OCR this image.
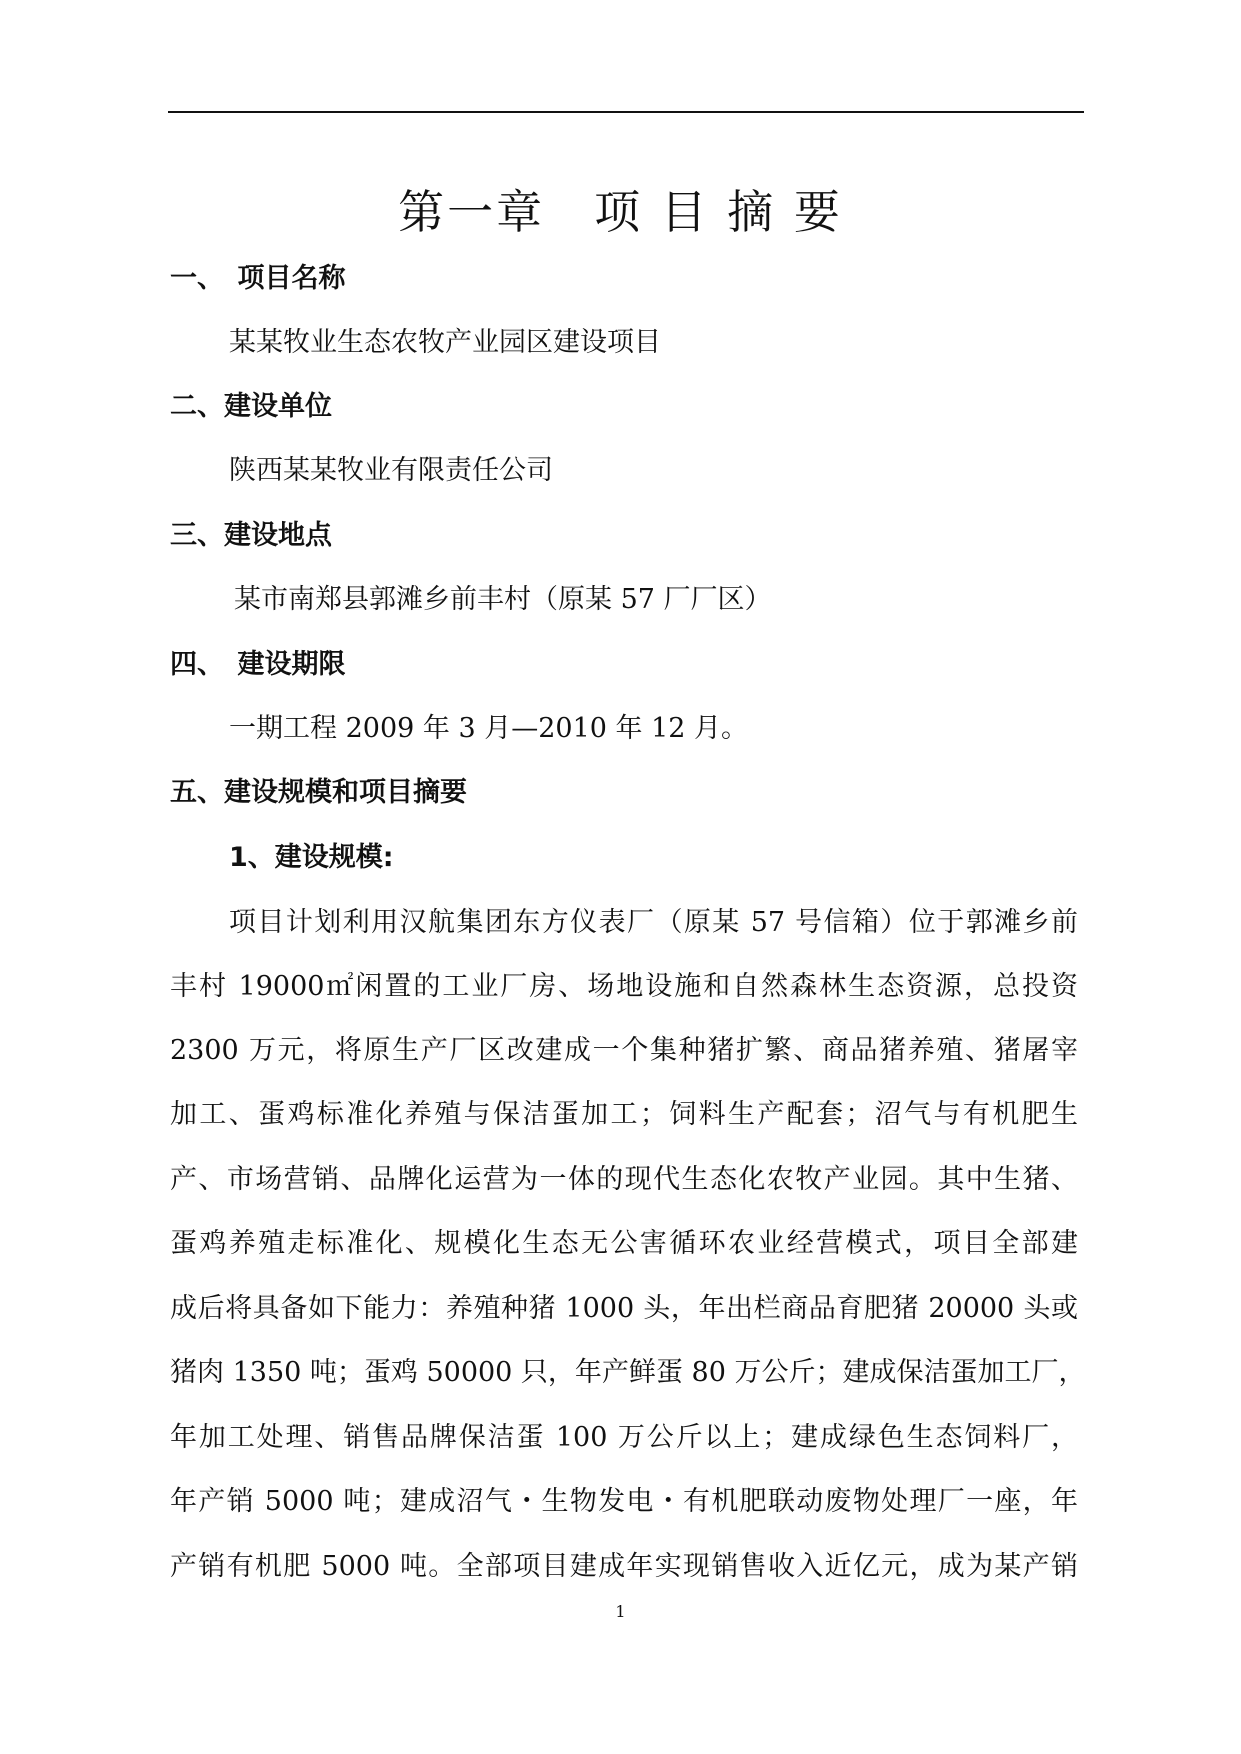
第一章　项 目 摘 要
一、　项目名称
某某牧业生态农牧产业园区建设项目
二、建设单位
陕西某某牧业有限责任公司
三、建设地点
某市南郑县郭滩乡前丰村（原某 57 厂厂区）
四、　建设期限
一期工程 2009 年 3 月—2010 年 12 月。
五、建设规模和项目摘要
1、建设规模:
项目计划利用汉航集团东方仪表厂（原某 57 号信箱）位于郭滩乡前
丰村 19000㎡闲置的工业厂房、场地设施和自然森林生态资源，总投资
2300 万元，将原生产厂区改建成一个集种猪扩繁、商品猪养殖、猪屠宰
加工、蛋鸡标准化养殖与保洁蛋加工；饲料生产配套；沼气与有机肥生
产、市场营销、品牌化运营为一体的现代生态化农牧产业园。其中生猪、
蛋鸡养殖走标准化、规模化生态无公害循环农业经营模式，项目全部建
成后将具备如下能力：养殖种猪 1000 头，年出栏商品育肥猪 20000 头或
猪肉 1350 吨；蛋鸡 50000 只，年产鲜蛋 80 万公斤；建成保洁蛋加工厂，
年加工处理、销售品牌保洁蛋 100 万公斤以上；建成绿色生态饲料厂，
年产销 5000 吨；建成沼气・生物发电・有机肥联动废物处理厂一座，年
产销有机肥 5000 吨。全部项目建成年实现销售收入近亿元，成为某产销
1
